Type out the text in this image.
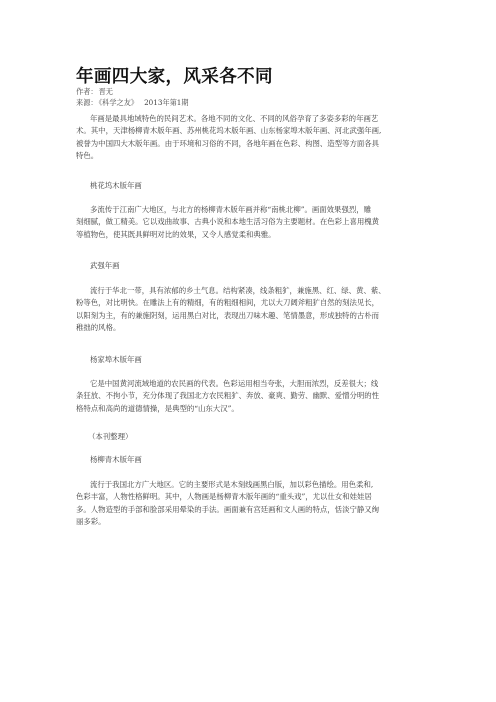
年画四大家，风采各不同
作者：晋无
来源：《科学之友》 2013年第1期
年画是最具地域特色的民间艺术。各地不同的文化、不同的风俗孕育了多姿多彩的年画艺
术。其中，天津杨柳青木版年画、苏州桃花坞木版年画、山东杨家埠木版年画、河北武强年画,
被誉为中国四大木版年画。由于环境和习俗的不同，各地年画在色彩、构图、造型等方面各具
特色。
桃花坞木版年画
多流传于江南广大地区，与北方的杨柳青木版年画并称“南桃北柳”。画面效果强烈，雕
刻细腻，做工精美。它以戏曲故事、古典小说和本地生活习俗为主要题材。在色彩上喜用槐黄
等植物色，使其既具鲜明对比的效果，又令人感觉柔和典雅。
武强年画
流行于华北一带，具有浓郁的乡土气息。结构紧凑，线条粗犷，兼施黑、红、绿、黄、紫、
粉等色，对比明快。在雕法上有的精细，有的粗细相间，尤以大刀阔斧粗犷自然的刻法见长，
以阳刻为主，有的兼施阴刻，运用黑白对比，表现出刀味木趣、笔情墨意，形成独特的古朴而
稚拙的风格。
杨家埠木版年画
它是中国黄河流域地道的农民画的代表。色彩运用相当夸张，大胆而浓烈，反差很大；线
条狂放、不拘小节，充分体现了我国北方农民粗犷、奔放、豪爽、勤劳、幽默、爱憎分明的性
格特点和高尚的道德情操，是典型的“山东大汉”。
（本刊整理）
杨柳青木版年画
流行于我国北方广大地区。它的主要形式是木刻线画黑白版，加以彩色描绘。用色柔和,
色彩丰富，人物性格鲜明。其中，人物画是杨柳青木版年画的“重头戏”，尤以仕女和娃娃居
多。人物造型的手部和脸部采用晕染的手法。画面兼有宫廷画和文人画的特点，恬淡宁静又绚
丽多彩。
